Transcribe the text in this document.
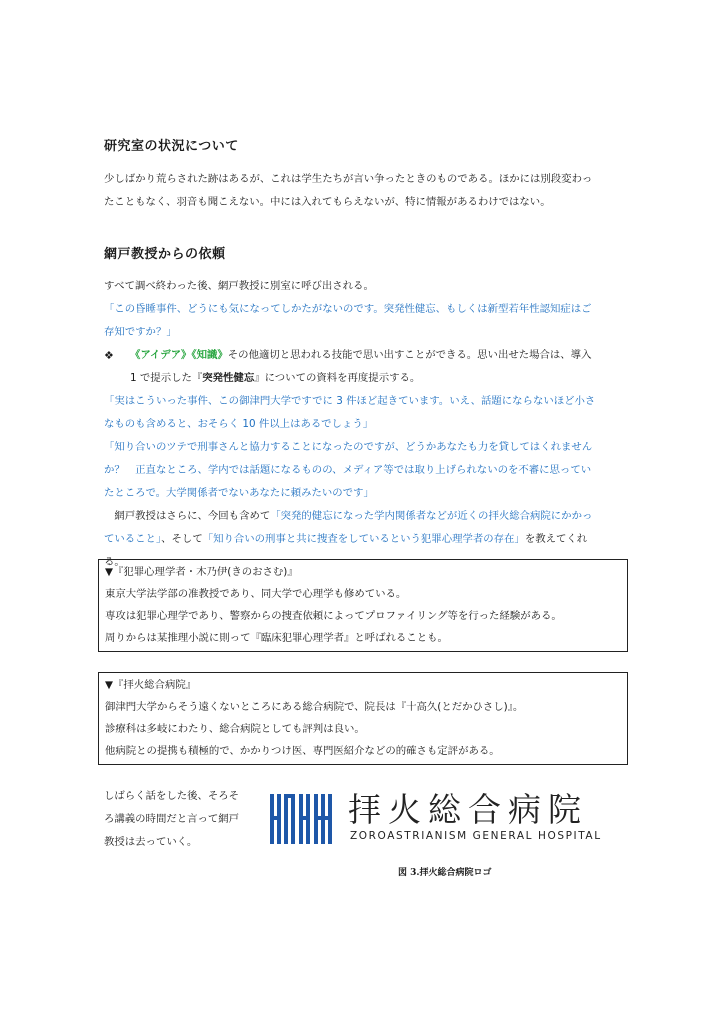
研究室の状況について

少しばかり荒らされた跡はあるが、これは学生たちが言い争ったときのものである。ほかには別段変わっ

たこともなく、羽音も聞こえない。中には入れてもらえないが、特に情報があるわけではない。

網戸教授からの依頼

すべて調べ終わった後、網戸教授に別室に呼び出される。

「この昏睡事件、どうにも気になってしかたがないのです。突発性健忘、もしくは新型若年性認知症はご

存知ですか？」

❖ 《アイデア》《知識》その他適切と思われる技能で思い出すことができる。思い出せた場合は、導入

1 で提示した『突発性健忘』についての資料を再度提示する。

「実はこういった事件、この御津門大学ですでに 3 件ほど起きています。いえ、話題にならないほど小さ

なものも含めると、おそらく 10 件以上はあるでしょう」

「知り合いのツテで刑事さんと協力することになったのですが、どうかあなたも力を貸してはくれません

か？　正直なところ、学内では話題になるものの、メディア等では取り上げられないのを不審に思ってい

たところで。大学関係者でないあなたに頼みたいのです」

　網戸教授はさらに、今回も含めて「突発的健忘になった学内関係者などが近くの拝火総合病院にかかっ

ていること」、そして「知り合いの刑事と共に捜査をしているという犯罪心理学者の存在」を教えてくれ

る。

▼『犯罪心理学者・木乃伊(きのおさむ)』

東京大学法学部の准教授であり、同大学で心理学も修めている。

専攻は犯罪心理学であり、警察からの捜査依頼によってプロファイリング等を行った経験がある。

周りからは某推理小説に則って『臨床犯罪心理学者』と呼ばれることも。

▼『拝火総合病院』

御津門大学からそう遠くないところにある総合病院で、院長は『十高久(とだかひさし)』。

診療科は多岐にわたり、総合病院としても評判は良い。

他病院との提携も積極的で、かかりつけ医、専門医紹介などの的確さも定評がある。

しばらく話をした後、そろそ

ろ講義の時間だと言って網戸

教授は去っていく。

拝火総合病院
ZOROASTRIANISM GENERAL HOSPITAL
図 3.拝火総合病院ロゴ
